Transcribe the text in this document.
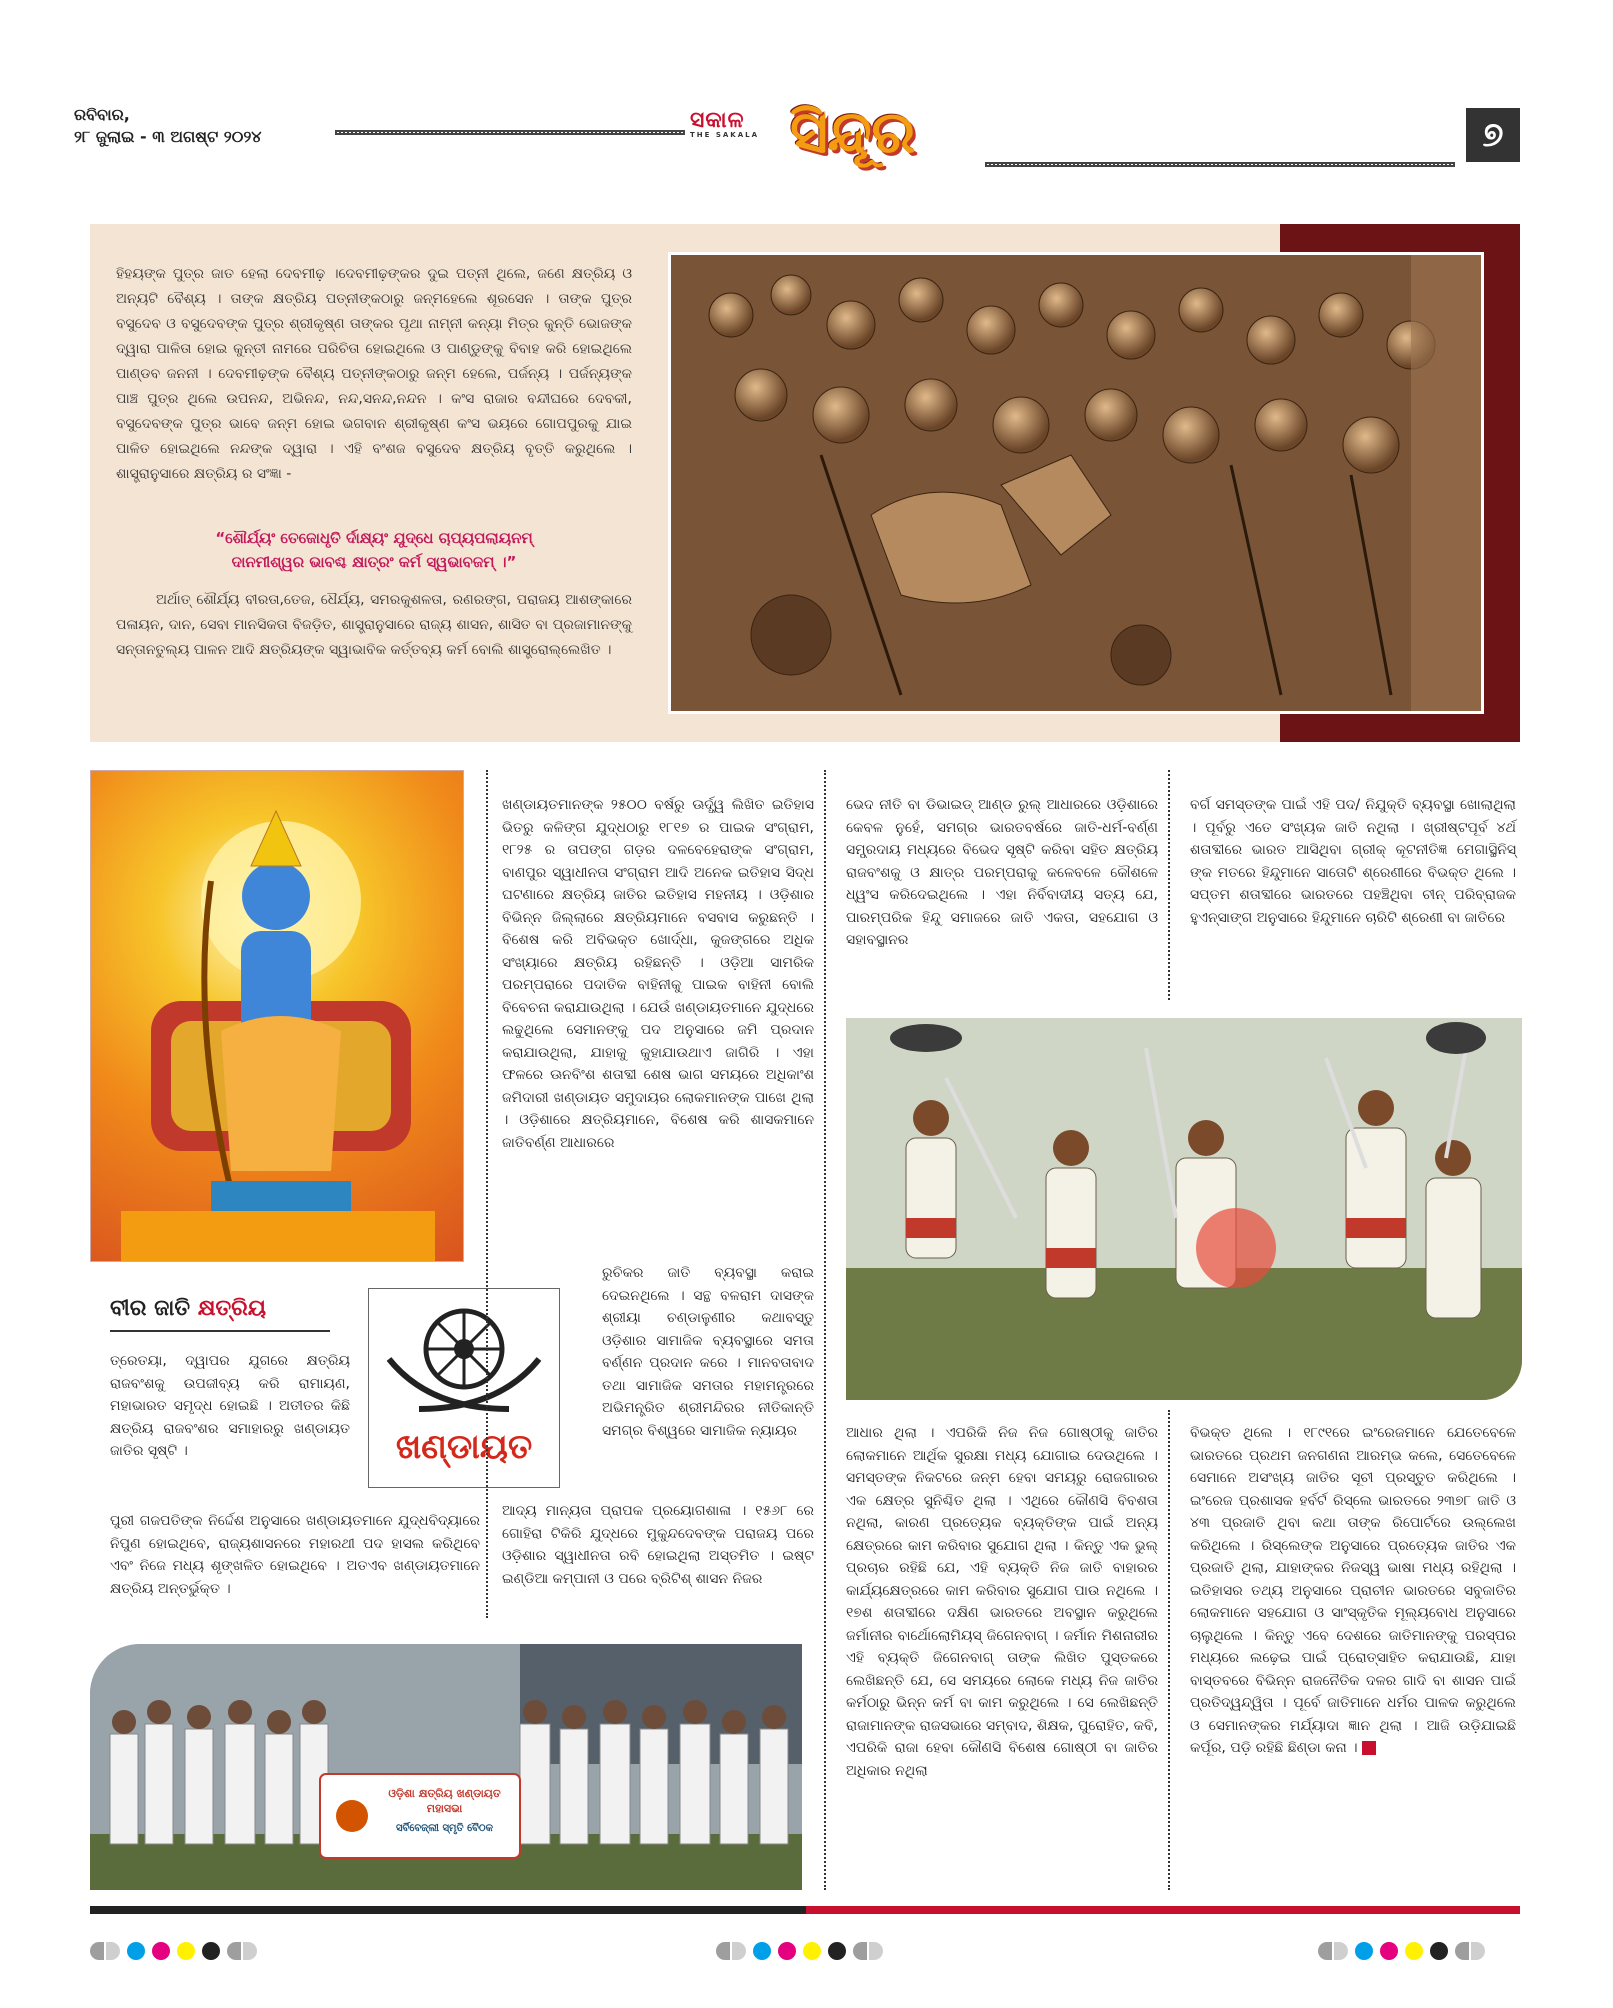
ରବିବାର,
୨୮ ଜୁଲାଇ - ୩ ଅଗଷ୍ଟ ୨୦୨୪
ସକାଳ
THE SAKALA ସିନ୍ଦୂର	୭
ହିହୟଙ୍କ ପୁତ୍ର ଜାତ ହେଲା ଦେବମୀଢ଼ ।ଦେବମୀଢ଼ଙ୍କର ଦୁଇ ପତ୍ନୀ ଥିଲେ, ଜଣେ କ୍ଷତ୍ରିୟ ଓ ଅନ୍ୟଟି ବୈଶ୍ୟ । ତାଙ୍କ କ୍ଷତ୍ରିୟ ପତ୍ନୀଙ୍କଠାରୁ ଜନ୍ମହେଲେ ଶୂରସେନ । ତାଙ୍କ ପୁତ୍ର ବସୁଦେବ ଓ ବସୁଦେବଙ୍କ ପୁତ୍ର ଶ୍ରୀକୃଷ୍ଣ ତାଙ୍କର ପୃଥା ନାମ୍ନୀ କନ୍ୟା ମିତ୍ର କୁନ୍ତି ଭୋଜଙ୍କ ଦ୍ୱାରା ପାଳିତା ହୋଇ କୁନ୍ତୀ ନାମରେ ପରିଚିତା ହୋଇଥିଲେ ଓ ପାଣ୍ଡୁଙ୍କୁ ବିବାହ କରି ହୋଇଥିଲେ ପାଣ୍ଡବ ଜନନୀ । ଦେବମୀଢ଼ଙ୍କ ବୈଶ୍ୟ ପତ୍ନୀଙ୍କଠାରୁ ଜନ୍ମ ହେଲେ, ପର୍ଜନ୍ୟ । ପର୍ଜନ୍ୟଙ୍କ ପାଞ୍ଚ ପୁତ୍ର ଥିଲେ ଉପନନ୍ଦ, ଅଭିନନ୍ଦ, ନନ୍ଦ,ସନନ୍ଦ,ନନ୍ଦନ । କଂସ ରାଜାର ବନ୍ଦୀଘରେ ଦେବକୀ, ବସୁଦେବଙ୍କ ପୁତ୍ର ଭାବେ ଜନ୍ମ ହୋଇ ଭଗବାନ ଶ୍ରୀକୃଷ୍ଣ କଂସ ଭୟରେ ଗୋପପୁରକୁ ଯାଇ ପାଳିତ ହୋଇଥିଲେ ନନ୍ଦଙ୍କ ଦ୍ୱାରା । ଏହି ବଂଶଜ ବସୁଦେବ କ୍ଷତ୍ରିୟ ବୃତ୍ତି କରୁଥିଲେ । ଶାସ୍ତ୍ରାନୁସାରେ କ୍ଷତ୍ରିୟ ର ସଂଜ୍ଞା -
“ଶୌର୍ଯ୍ୟଂ ତେଜୋଧୃତି ର୍ଦାକ୍ଷ୍ୟଂ ଯୁଦ୍ଧେ ଚାପ୍ୟପଲାୟନମ୍
ଦାନମୀଶ୍ୱର ଭାବଶ୍ଚ କ୍ଷାତ୍ରଂ କର୍ମ ସ୍ୱଭାବଜମ୍ ।”
ଅର୍ଥାତ୍ ଶୌର୍ଯ୍ୟ ବୀରତା,ତେଜ, ଧୈର୍ଯ୍ୟ, ସମରକୁଶଳତା, ରଣରଙ୍ଗ, ପରାଜୟ ଆଶଙ୍କାରେ ପଳାୟନ, ଦାନ, ସେବା ମାନସିକତା ବିଜଡ଼ିତ, ଶାସ୍ତ୍ରାନୁସାରେ ରାଜ୍ୟ ଶାସନ, ଶାସିତ ବା ପ୍ରଜାମାନଙ୍କୁ ସନ୍ତାନତୁଲ୍ୟ ପାଳନ ଆଦି କ୍ଷତ୍ରିୟଙ୍କ ସ୍ୱାଭାବିକ କର୍ତ୍ତବ୍ୟ କର୍ମ ବୋଲି ଶାସ୍ତ୍ରୋଲ୍ଲେଖିତ ।
ବୀର ଜାତି କ୍ଷତ୍ରିୟ
ଖଣ୍ଡାୟତ
ତ୍ରେତୟା, ଦ୍ୱାପର ଯୁଗରେ କ୍ଷତ୍ରିୟ ରାଜବଂଶକୁ ଉପଜୀବ୍ୟ କରି ରାମାୟଣ, ମହାଭାରତ ସମୃଦ୍ଧ ହୋଇଛି । ଅତୀତର କିଛି କ୍ଷତ୍ରିୟ ରାଜବଂଶର ସମାହାରରୁ ଖଣ୍ଡାୟତ ଜାତିର ସୃଷ୍ଟି ।
ପୁରୀ ଗଜପତିଙ୍କ ନିର୍ଦ୍ଦେଶ ଅନୁସାରେ ଖଣ୍ଡାୟତମାନେ ଯୁଦ୍ଧବିଦ୍ୟାରେ ନିପୁଣ ହୋଇଥିବେ, ରାଜ୍ୟଶାସନରେ ମହାରଥୀ ପଦ ହାସଲ କରିଥିବେ ଏବଂ ନିଜେ ମଧ୍ୟ ଶୃଙ୍ଖଳିତ ହୋଇଥିବେ । ଅତଏବ ଖଣ୍ଡାୟତମାନେ କ୍ଷତ୍ରିୟ ଅନ୍ତର୍ଭୁକ୍ତ ।
ଖଣ୍ଡାୟତମାନଙ୍କ ୨୫୦୦ ବର୍ଷରୁ ଊର୍ଦ୍ଧ୍ୱ ଲିଖିତ ଇତିହାସ ଭିତରୁ କଳିଙ୍ଗ ଯୁଦ୍ଧଠାରୁ ୧୮୧୭ ର ପାଇକ ସଂଗ୍ରାମ, ୧୮୨୫ ର ତାପଙ୍ଗ ଗଡ଼ର ଦଳବେହେରାଙ୍କ ସଂଗ୍ରାମ, ବାଣପୁର ସ୍ୱାଧୀନତା ସଂଗ୍ରାମ ଆଦି ଅନେକ ଇତିହାସ ସିଦ୍ଧ ଘଟଣାରେ କ୍ଷତ୍ରିୟ ଜାତିର ଇତିହାସ ମହନୀୟ । ଓଡ଼ିଶାର ବିଭିନ୍ନ ଜିଲ୍ଲାରେ କ୍ଷତ୍ରିୟମାନେ ବସବାସ କରୁଛନ୍ତି । ବିଶେଷ କରି ଅବିଭକ୍ତ ଖୋର୍ଦ୍ଧା, କୁଜଙ୍ଗରେ ଅଧିକ ସଂଖ୍ୟାରେ କ୍ଷତ୍ରିୟ ରହିଛନ୍ତି । ଓଡ଼ିଆ ସାମରିକ ପରମ୍ପରାରେ ପଦାତିକ ବାହିନୀକୁ ପାଇକ ବାହିନୀ ବୋଲି ବିବେଚନା କରାଯାଉଥିଲା । ଯେଉଁ ଖଣ୍ଡାୟତମାନେ ଯୁଦ୍ଧରେ ଲଢୁଥିଲେ ସେମାନଙ୍କୁ ପଦ ଅନୁସାରେ ଜମି ପ୍ରଦାନ କରାଯାଉଥିଲା, ଯାହାକୁ କୁହାଯାଉଥାଏ ଜାଗିରି । ଏହା ଫଳରେ ଊନବିଂଶ ଶତାବ୍ଦୀ ଶେଷ ଭାଗ ସମୟରେ ଅଧିକାଂଶ ଜମିଦାରୀ ଖଣ୍ଡାୟତ ସମୁଦାୟର ଲୋକମାନଙ୍କ ପାଖେ ଥିଲା । ଓଡ଼ିଶାରେ କ୍ଷତ୍ରିୟମାନେ, ବିଶେଷ କରି ଶାସକମାନେ ଜାତିବର୍ଣ୍ଣ ଆଧାରରେ
ରୁଚିକର ଜାତି ବ୍ୟବସ୍ଥା କରାଇ ଦେଇନଥିଲେ । ସନ୍ଥ ବଳରାମ ଦାସଙ୍କ ଶ୍ରୀୟା ଚଣ୍ଡାଳୁଣୀର କଥାବସ୍ତୁ ଓଡ଼ିଶାର ସାମାଜିକ ବ୍ୟବସ୍ଥାରେ ସମତା ବର୍ଣ୍ଣନ ପ୍ରଦାନ କରେ । ମାନବତାବାଦ ତଥା ସାମାଜିକ ସମତାର ମହାମନ୍ତ୍ରରେ ଅଭିମନ୍ତ୍ରିତ ଶ୍ରୀମନ୍ଦିରର ନୀତିକାନ୍ତି ସମଗ୍ର ବିଶ୍ୱରେ ସାମାଜିକ ନ୍ୟାୟର
ଆଦ୍ୟ ମାନ୍ୟତା ପ୍ରାପକ ପ୍ରୟୋଗଶାଳା । ୧୫୬୮ ରେ ଗୋହିରା ଟିକିରି ଯୁଦ୍ଧରେ ମୁକୁନ୍ଦଦେବଙ୍କ ପରାଜୟ ପରେ ଓଡ଼ିଶାର ସ୍ୱାଧୀନତା ରବି ହୋଇଥିଲା ଅସ୍ତମିତ । ଇଷ୍ଟ ଇଣ୍ଡିଆ କମ୍ପାନୀ ଓ ପରେ ବ୍ରିଟିଶ୍ ଶାସନ ନିଜର
ଭେଦ ନୀତି ବା ଡିଭାଇଡ୍ ଆଣ୍ଡ ରୁଲ୍ ଆଧାରରେ ଓଡ଼ିଶାରେ କେବଳ ନୁହେଁ, ସମଗ୍ର ଭାରତବର୍ଷରେ ଜାତି-ଧର୍ମ-ବର୍ଣ୍ଣ ସମ୍ପ୍ରଦାୟ ମଧ୍ୟରେ ବିଭେଦ ସୃଷ୍ଟି କରିବା ସହିତ କ୍ଷତ୍ରିୟ ରାଜବଂଶକୁ ଓ କ୍ଷାତ୍ର ପରମ୍ପରାକୁ କଳେବଳେ କୌଶଳେ ଧ୍ୱଂସ କରିଦେଇଥିଲେ । ଏହା ନିର୍ବିବାଦୀୟ ସତ୍ୟ ଯେ, ପାରମ୍ପରିକ ହିନ୍ଦୁ ସମାଜରେ ଜାତି ଏକତା, ସହଯୋଗ ଓ ସହାବସ୍ଥାନର
ଆଧାର ଥିଲା । ଏପରିକି ନିଜ ନିଜ ଗୋଷ୍ଠୀକୁ ଜାତିର ଲୋକମାନେ ଆର୍ଥିକ ସୁରକ୍ଷା ମଧ୍ୟ ଯୋଗାଇ ଦେଉଥିଲେ । ସମସ୍ତଙ୍କ ନିକଟରେ ଜନ୍ମ ହେବା ସମୟରୁ ରୋଜଗାରର ଏକ କ୍ଷେତ୍ର ସୁନିଶ୍ଚିତ ଥିଲା । ଏଥିରେ କୌଣସି ବିବଶତା ନଥିଲା, କାରଣ ପ୍ରତ୍ୟେକ ବ୍ୟକ୍ତିଙ୍କ ପାଇଁ ଅନ୍ୟ କ୍ଷେତ୍ରରେ କାମ କରିବାର ସୁଯୋଗ ଥିଲା । କିନ୍ତୁ ଏକ ଭୁଲ୍ ପ୍ରଚାର ରହିଛି ଯେ, ଏହି ବ୍ୟକ୍ତି ନିଜ ଜାତି ବାହାରର କାର୍ଯ୍ୟକ୍ଷେତ୍ରରେ କାମ କରିବାର ସୁଯୋଗ ପାଉ ନଥିଲେ । ୧୭ଶ ଶତାବ୍ଦୀରେ ଦକ୍ଷିଣ ଭାରତରେ ଅବସ୍ଥାନ କରୁଥିଲେ ଜର୍ମାନୀର ବାର୍ଥୋଲୋମିୟସ୍ ଜିଗେନବାଗ୍ । ଜର୍ମାନ ମିଶନାରୀର ଏହି ବ୍ୟକ୍ତି ଜିଗେନବାଗ୍ ତାଙ୍କ ଲିଖିତ ପୁସ୍ତକରେ ଲେଖିଛନ୍ତି ଯେ, ସେ ସମୟରେ ଲୋକେ ମଧ୍ୟ ନିଜ ଜାତିର କର୍ମଠାରୁ ଭିନ୍ନ କର୍ମ ବା କାମ କରୁଥିଲେ । ସେ ଲେଖିଛନ୍ତି ରାଜାମାନଙ୍କ ରାଜସଭାରେ ସମ୍ବାଦ, ଶିକ୍ଷକ, ପୁରୋହିତ, କବି, ଏପରିକି ରାଜା ହେବା କୌଣସି ବିଶେଷ ଗୋଷ୍ଠୀ ବା ଜାତିର ଅଧିକାର ନଥିଲା
ବର୍ଗ ସମସ୍ତଙ୍କ ପାଇଁ ଏହି ପଦ/ ନିଯୁକ୍ତି ବ୍ୟବସ୍ଥା ଖୋଲାଥିଲା । ପୂର୍ବରୁ ଏତେ ସଂଖ୍ୟକ ଜାତି ନଥିଲା । ଖ୍ରୀଷ୍ଟପୂର୍ବ ୪ର୍ଥ ଶତାବ୍ଦୀରେ ଭାରତ ଆସିଥିବା ଗ୍ରୀକ୍ କୂଟନୀତିଜ୍ଞ ମେଗାସ୍ଥିନିସ୍ ଙ୍କ ମତରେ ହିନ୍ଦୁମାନେ ସାତୋଟି ଶ୍ରେଣୀରେ ବିଭକ୍ତ ଥିଲେ । ସପ୍ତମ ଶତାବ୍ଦୀରେ ଭାରତରେ ପହଞ୍ଚିଥିବା ଚୀନ୍ ପରିବ୍ରାଜକ ହୁଏନ୍‌ସାଙ୍ଗ ଅନୁସାରେ ହିନ୍ଦୁମାନେ ଚାରିଟି ଶ୍ରେଣୀ ବା ଜାତିରେ
ବିଭକ୍ତ ଥିଲେ । ୧୮୯୧ରେ ଇଂରେଜମାନେ ଯେତେବେଳେ ଭାରତରେ ପ୍ରଥମ ଜନଗଣନା ଆରମ୍ଭ କଲେ, ସେତେବେଳେ ସେମାନେ ଅସଂଖ୍ୟ ଜାତିର ସୂଚୀ ପ୍ରସ୍ତୁତ କରିଥିଲେ । ଇଂରେଜ ପ୍ରଶାସକ ହର୍ବର୍ଟ ରିସ୍ଲେ ଭାରତରେ ୨୩୭୮ ଜାତି ଓ ୪୩ ପ୍ରଜାତି ଥିବା କଥା ତାଙ୍କ ରିପୋର୍ଟରେ ଉଲ୍ଲେଖ କରିଥିଲେ । ରିସ୍ଲେଙ୍କ ଅନୁସାରେ ପ୍ରତ୍ୟେକ ଜାତିର ଏକ ପ୍ରଜାତି ଥିଲା, ଯାହାଙ୍କର ନିଜସ୍ୱ ଭାଷା ମଧ୍ୟ ରହିଥିଲା । ଇତିହାସର ତଥ୍ୟ ଅନୁସାରେ ପ୍ରାଚୀନ ଭାରତରେ ସବୁଜାତିର ଲୋକମାନେ ସହଯୋଗ ଓ ସାଂସ୍କୃତିକ ମୂଲ୍ୟବୋଧ ଅନୁସାରେ ଚାଲୁଥିଲେ । କିନ୍ତୁ ଏବେ ଦେଶରେ ଜାତିମାନଙ୍କୁ ପରସ୍ପର ମଧ୍ୟରେ ଲଢ଼େଇ ପାଇଁ ପ୍ରୋତ୍ସାହିତ କରାଯାଉଛି, ଯାହା ବାସ୍ତବରେ ବିଭିନ୍ନ ରାଜନୈତିକ ଦଳର ଗାଦି ବା ଶାସନ ପାଇଁ ପ୍ରତିଦ୍ୱନ୍ଦ୍ୱିତା । ପୂର୍ବେ ଜାତିମାନେ ଧର୍ମର ପାଳକ କରୁଥିଲେ ଓ ସେମାନଙ୍କର ମର୍ଯ୍ୟାଦା ଜ୍ଞାନ ଥିଲା । ଆଜି ଉଡ଼ିଯାଇଛି କର୍ପୂର, ପଡ଼ି ରହିଛି ଛିଣ୍ଡା କନା ।
ଓଡ଼ିଶା କ୍ଷତ୍ରିୟ ଖଣ୍ଡାୟତ ମହାସଭା
ସର୍ବିବେଜ୍‌ଲୀ ସ୍ମୃତି ବୈଠକ
